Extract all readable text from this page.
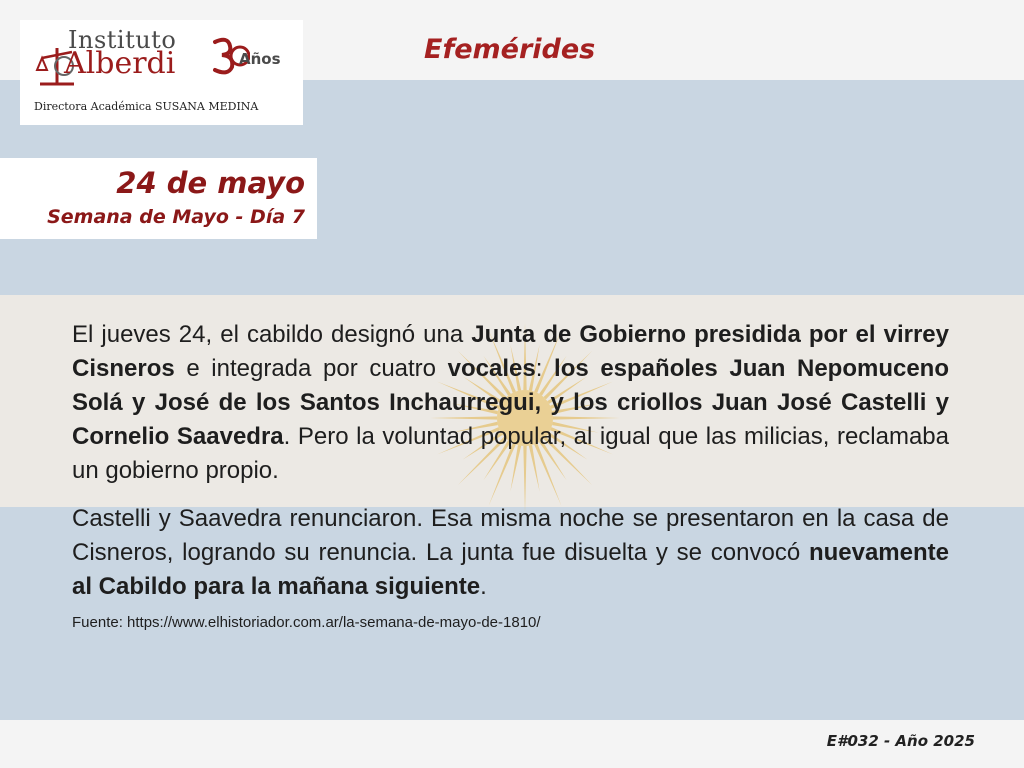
Instituto
Alberdi	Años
Directora Académica SUSANA MEDINA
Efemérides
24 de mayo
Semana de Mayo - Día 7

El jueves 24, el cabildo designó una Junta de Gobierno presidida por el virrey Cisneros e integrada por cuatro vocales: los españoles Juan Nepomuceno Solá y José de los Santos Inchaurregui, y los criollos Juan José Castelli y Cornelio Saavedra. Pero la voluntad popular, al igual que las milicias, reclamaba un gobierno propio.

Castelli y Saavedra renunciaron. Esa misma noche se presentaron en la casa de Cisneros, logrando su renuncia. La junta fue disuelta y se convocó nuevamente al Cabildo para la mañana siguiente.

Fuente: https://www.elhistoriador.com.ar/la-semana-de-mayo-de-1810/
E#032 - Año 2025
